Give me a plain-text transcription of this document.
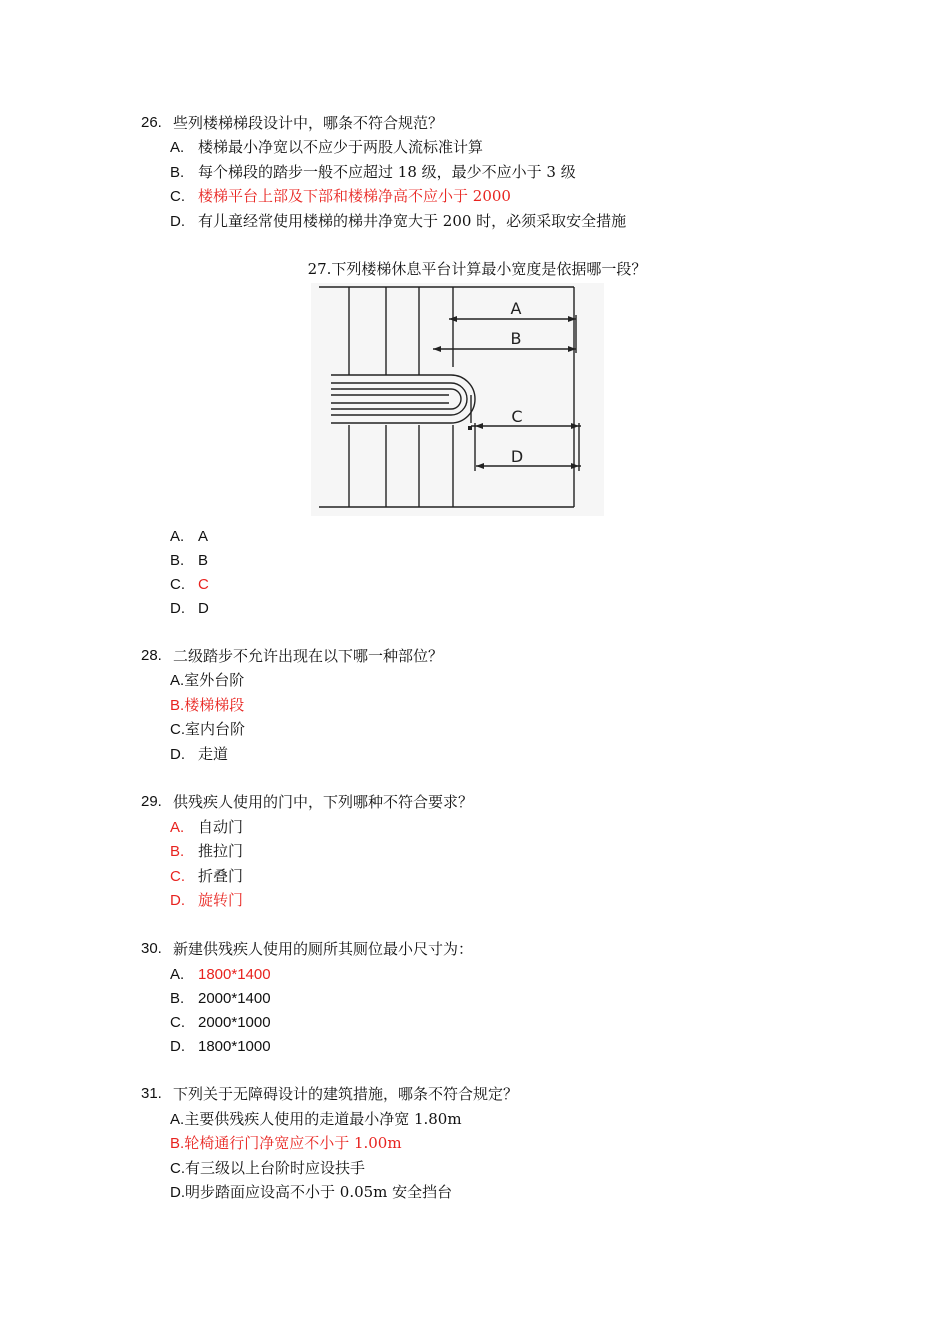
26. 些列楼梯梯段设计中，哪条不符合规范？
A. 楼梯最小净宽以不应少于两股人流标准计算
B. 每个梯段的踏步一般不应超过 18 级，最少不应小于 3 级
C. 楼梯平台上部及下部和楼梯净高不应小于 2000
D. 有儿童经常使用楼梯的梯井净宽大于 200 时，必须采取安全措施
27.下列楼梯休息平台计算最小宽度是依据哪一段？
A
B
C
D
A. A
B. B
C. C
D. D
28. 二级踏步不允许出现在以下哪一种部位？
A.室外台阶
B.楼梯梯段
C.室内台阶
D. 走道
29. 供残疾人使用的门中，下列哪种不符合要求？
A. 自动门
B. 推拉门
C. 折叠门
D. 旋转门
30. 新建供残疾人使用的厕所其厕位最小尺寸为：
A. 1800*1400
B. 2000*1400
C. 2000*1000
D. 1800*1000
31. 下列关于无障碍设计的建筑措施，哪条不符合规定？
A.主要供残疾人使用的走道最小净宽 1.80m
B.轮椅通行门净宽应不小于 1.00m
C.有三级以上台阶时应设扶手
D.明步踏面应设高不小于 0.05m 安全挡台
